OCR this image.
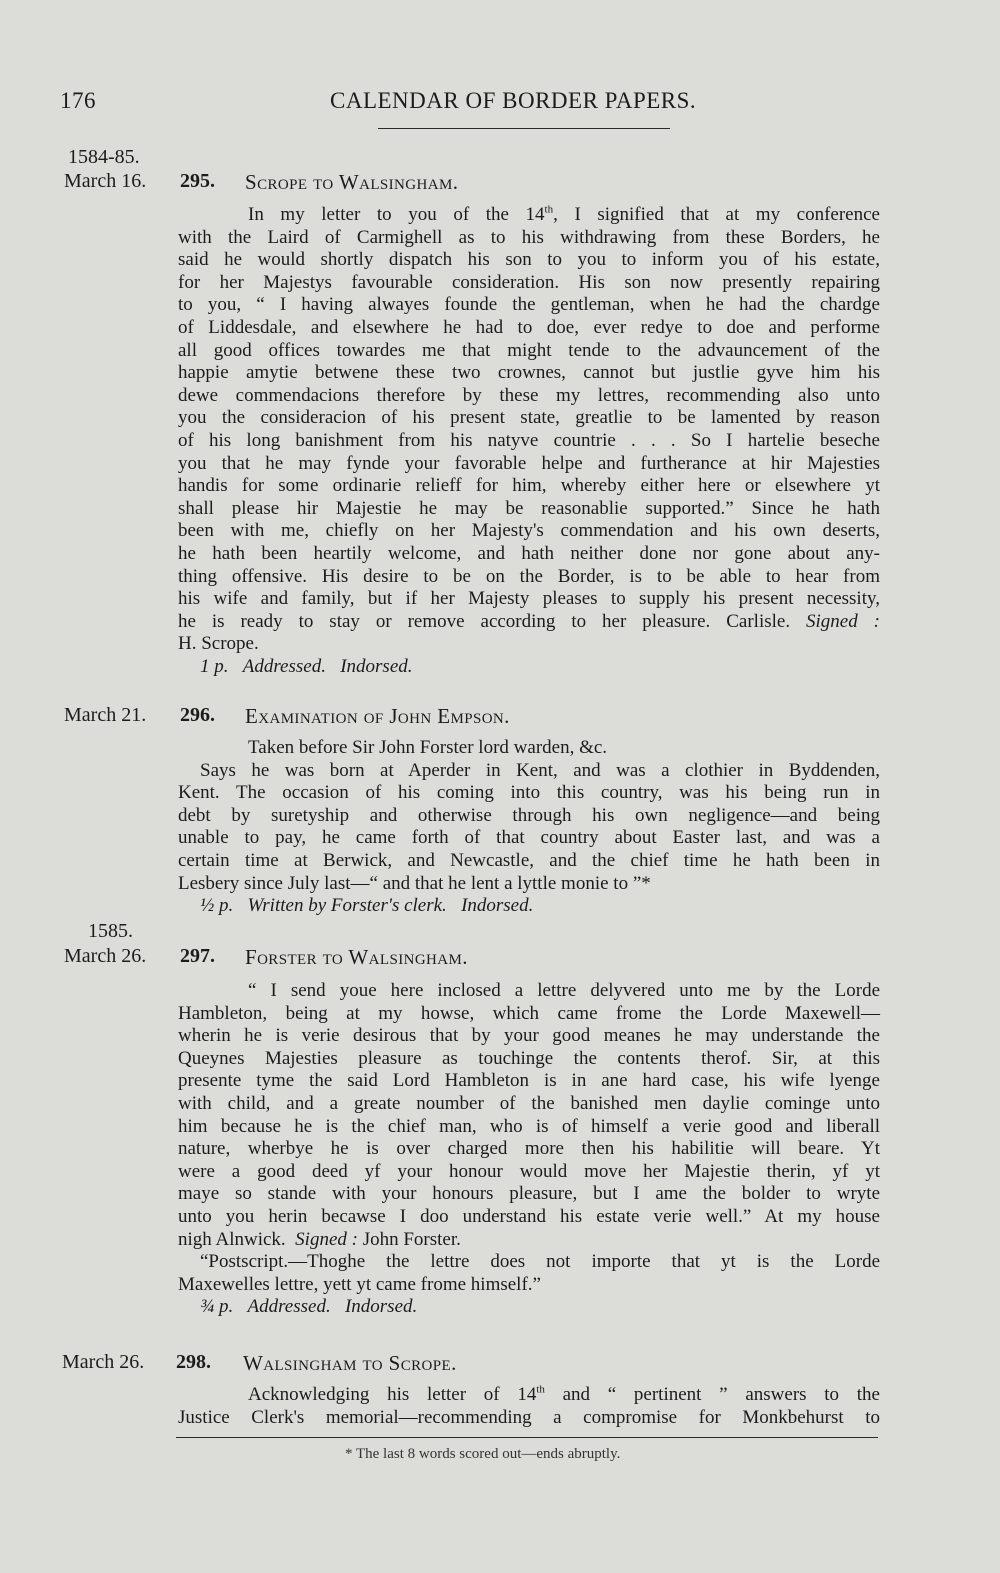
176	CALENDAR OF BORDER PAPERS.
1584-85.
March 16. 295. Scrope to Walsingham.

In my letter to you of the 14th, I signified that at my conference

with the Laird of Carmighell as to his withdrawing from these Borders, he

said he would shortly dispatch his son to you to inform you of his estate,

for her Majestys favourable consideration. His son now presently repairing

to you, “ I having alwayes founde the gentleman, when he had the chardge

of Liddesdale, and elsewhere he had to doe, ever redye to doe and performe

all good offices towardes me that might tende to the advauncement of the

happie amytie betwene these two crownes, cannot but justlie gyve him his

dewe commendacions therefore by these my lettres, recommending also unto

you the consideracion of his present state, greatlie to be lamented by reason

of his long banishment from his natyve countrie . . . So I hartelie beseche

you that he may fynde your favorable helpe and furtherance at hir Majesties

handis for some ordinarie relieff for him, whereby either here or elsewhere yt

shall please hir Majestie he may be reasonablie supported.” Since he hath

been with me, chiefly on her Majesty's commendation and his own deserts,

he hath been heartily welcome, and hath neither done nor gone about any-

thing offensive. His desire to be on the Border, is to be able to hear from

his wife and family, but if her Majesty pleases to supply his present necessity,

he is ready to stay or remove according to her pleasure. Carlisle. Signed :

H. Scrope.

1 p. Addressed. Indorsed.

March 21. 296. Examination of John Empson.

Taken before Sir John Forster lord warden, &c.

Says he was born at Aperder in Kent, and was a clothier in Byddenden,

Kent. The occasion of his coming into this country, was his being run in

debt by suretyship and otherwise through his own negligence—and being

unable to pay, he came forth of that country about Easter last, and was a

certain time at Berwick, and Newcastle, and the chief time he hath been in

Lesbery since July last—“ and that he lent a lyttle monie to ”*

½ p. Written by Forster's clerk. Indorsed.

1585.
March 26. 297. Forster to Walsingham.

“ I send youe here inclosed a lettre delyvered unto me by the Lorde

Hambleton, being at my howse, which came frome the Lorde Maxewell—

wherin he is verie desirous that by your good meanes he may understande the

Queynes Majesties pleasure as touchinge the contents therof. Sir, at this

presente tyme the said Lord Hambleton is in ane hard case, his wife lyenge

with child, and a greate noumber of the banished men daylie cominge unto

him because he is the chief man, who is of himself a verie good and liberall

nature, wherbye he is over charged more then his habilitie will beare. Yt

were a good deed yf your honour would move her Majestie therin, yf yt

maye so stande with your honours pleasure, but I ame the bolder to wryte

unto you herin becawse I doo understand his estate verie well.” At my house

nigh Alnwick. Signed : John Forster.

“Postscript.—Thoghe the lettre does not importe that yt is the Lorde

Maxewelles lettre, yett yt came frome himself.”

¾ p. Addressed. Indorsed.

March 26. 298. Walsingham to Scrope.

Acknowledging his letter of 14th and “ pertinent ” answers to the

Justice Clerk's memorial—recommending a compromise for Monkbehurst to

* The last 8 words scored out—ends abruptly.
